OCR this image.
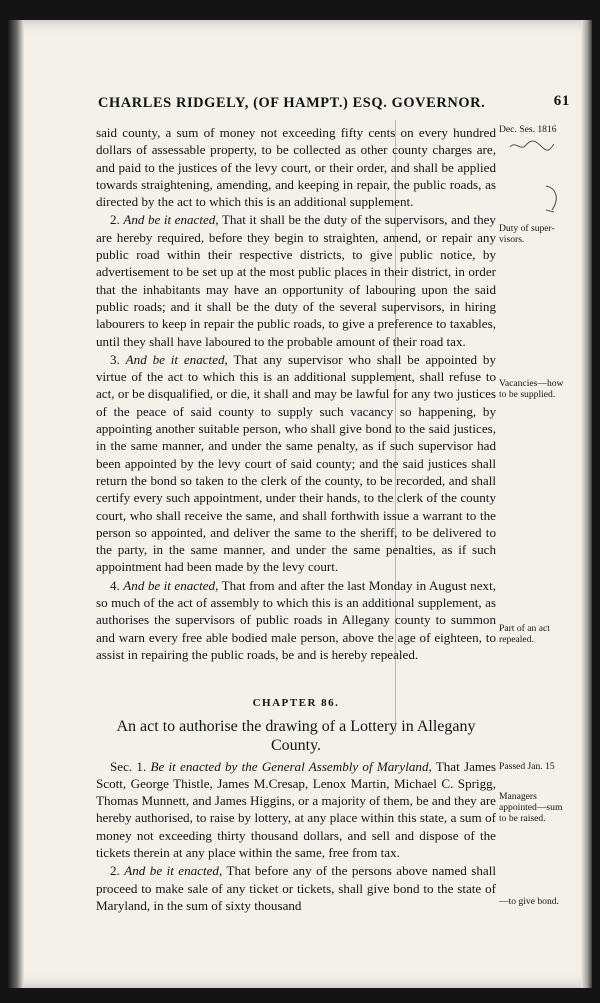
CHARLES RIDGELY, (OF HAMPT.) ESQ. GOVERNOR.	61

said county, a sum of money not exceeding fifty cents on every hundred dollars of assessable property, to be collected as other county charges are, and paid to the justices of the levy court, or their order, and shall be applied towards straightening, amending, and keeping in repair, the public roads, as directed by the act to which this is an additional supplement.

2. And be it enacted, That it shall be the duty of the supervisors, and they are hereby required, before they begin to straighten, amend, or repair any public road within their respective districts, to give public notice, by advertisement to be set up at the most public places in their district, in order that the inhabitants may have an opportunity of labouring upon the said public roads; and it shall be the duty of the several supervisors, in hiring labourers to keep in repair the public roads, to give a preference to taxables, until they shall have laboured to the probable amount of their road tax.

3. And be it enacted, That any supervisor who shall be appointed by virtue of the act to which this is an additional supplement, shall refuse to act, or be disqualified, or die, it shall and may be lawful for any two justices of the peace of said county to supply such vacancy so happening, by appointing another suitable person, who shall give bond to the said justices, in the same manner, and under the same penalty, as if such supervisor had been appointed by the levy court of said county; and the said justices shall return the bond so taken to the clerk of the county, to be recorded, and shall certify every such appointment, under their hands, to the clerk of the county court, who shall receive the same, and shall forthwith issue a warrant to the person so appointed, and deliver the same to the sheriff, to be delivered to the party, in the same manner, and under the same penalties, as if such appointment had been made by the levy court.

4. And be it enacted, That from and after the last Monday in August next, so much of the act of assembly to which this is an additional supplement, as authorises the supervisors of public roads in Allegany county to summon and warn every free able bodied male person, above the age of eighteen, to assist in repairing the public roads, be and is hereby repealed.

CHAPTER 86.
An act to authorise the drawing of a Lottery in Allegany County.

Sec. 1. Be it enacted by the General Assembly of Maryland, That James Scott, George Thistle, James M.Cresap, Lenox Martin, Michael C. Sprigg, Thomas Munnett, and James Higgins, or a majority of them, be and they are hereby authorised, to raise by lottery, at any place within this state, a sum of money not exceeding thirty thousand dollars, and sell and dispose of the tickets therein at any place within the same, free from tax.

2. And be it enacted, That before any of the persons above named shall proceed to make sale of any ticket or tickets, shall give bond to the state of Maryland, in the sum of sixty thousand

Dec. Ses. 1816
Duty of super-visors.
Vacancies—how to be supplied.
Part of an act repealed.
Passed Jan. 15
Managers appointed—sum to be raised.
—to give bond.
